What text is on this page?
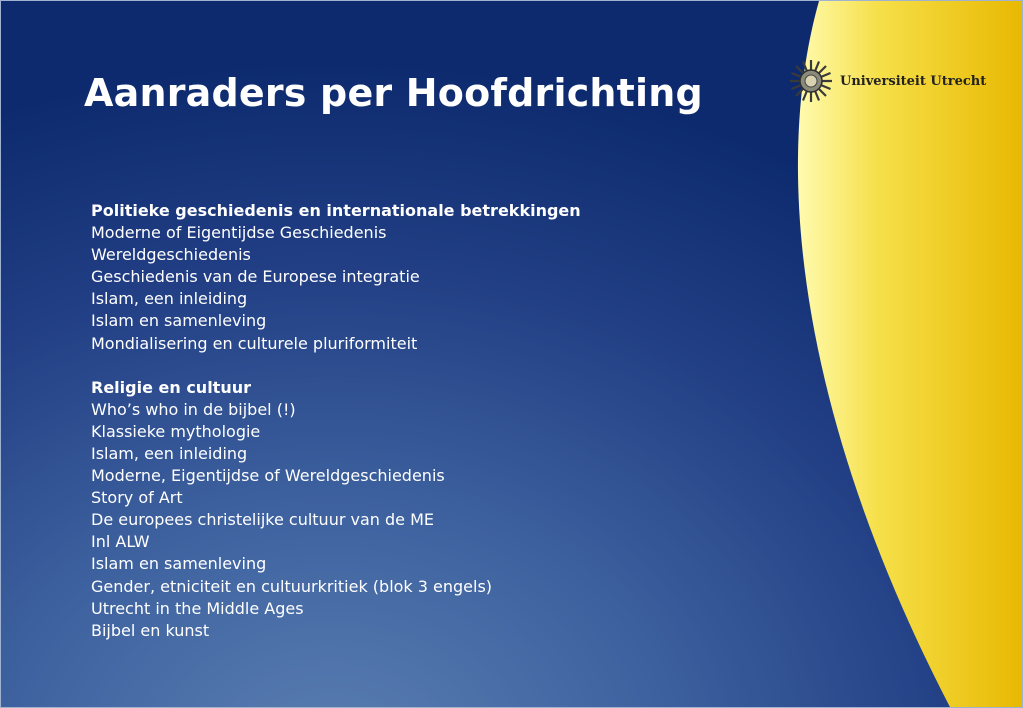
Aanraders per Hoofdrichting	Universiteit Utrecht
Politieke geschiedenis en internationale betrekkingen
Moderne of Eigentijdse Geschiedenis
Wereldgeschiedenis
Geschiedenis van de Europese integratie
Islam, een inleiding
Islam en samenleving
Mondialisering en culturele pluriformiteit
Religie en cultuur
Who’s who in de bijbel (!)
Klassieke mythologie
Islam, een inleiding
Moderne, Eigentijdse of Wereldgeschiedenis
Story of Art
De europees christelijke cultuur van de ME
Inl ALW
Islam en samenleving
Gender, etniciteit en cultuurkritiek (blok 3 engels)
Utrecht in the Middle Ages
Bijbel en kunst
